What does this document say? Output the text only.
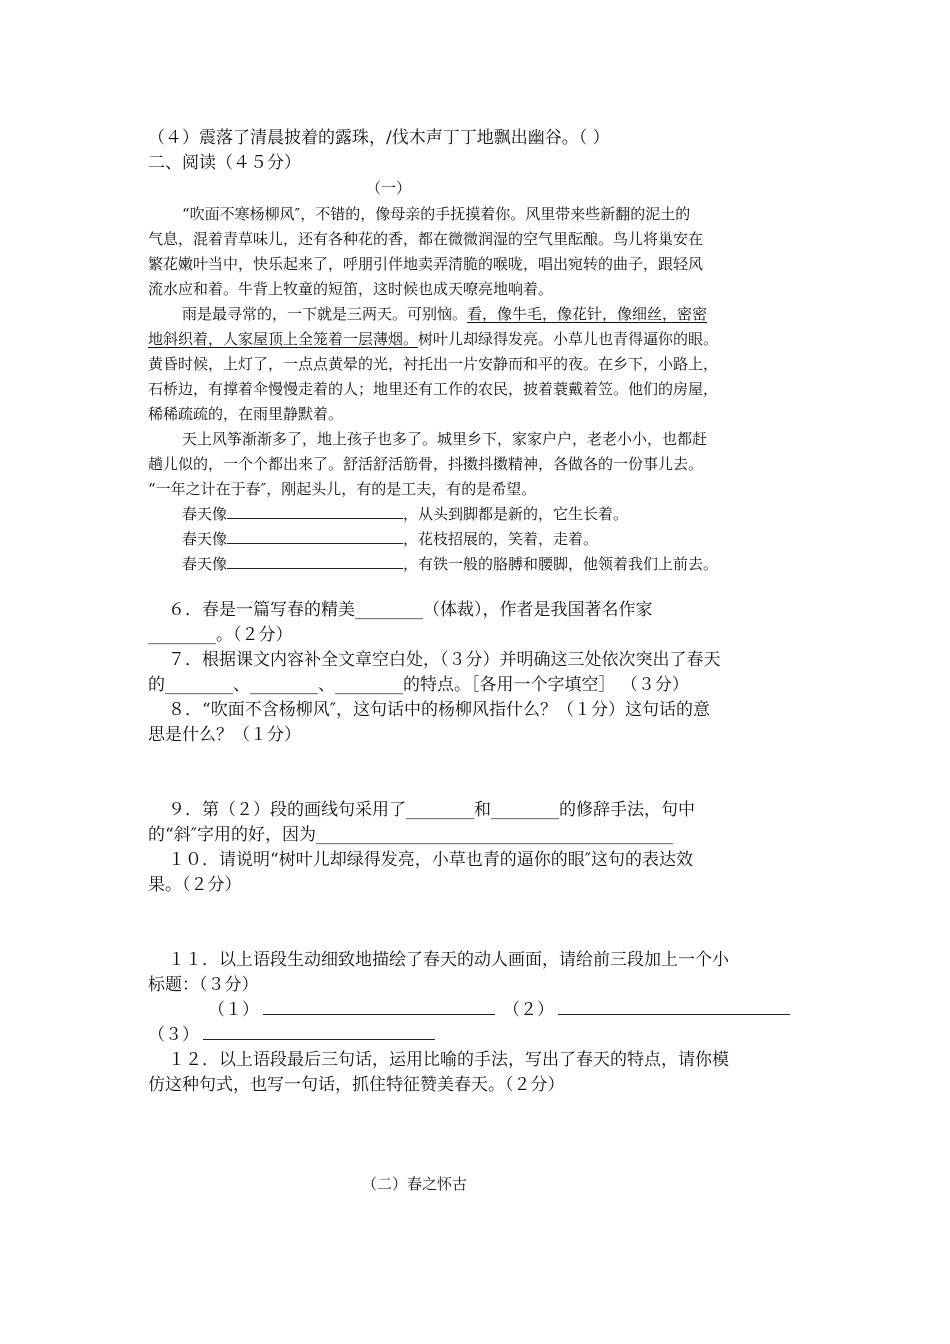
（４）震落了清晨披着的露珠，/伐木声丁丁地飘出幽谷。（ ）
二、阅读（４５分）
（一）
“吹面不寒杨柳风″，不错的，像母亲的手抚摸着你。风里带来些新翻的泥土的
气息，混着青草味儿，还有各种花的香，都在微微润湿的空气里酝酿。鸟儿将巢安在
繁花嫩叶当中，快乐起来了，呼朋引伴地卖弄清脆的喉咙，唱出宛转的曲子，跟轻风
流水应和着。牛背上牧童的短笛，这时候也成天嘹亮地响着。
雨是最寻常的，一下就是三两天。可别恼。看，像牛毛，像花针，像细丝，密密
地斜织着，人家屋顶上全笼着一层薄烟。树叶儿却绿得发亮。小草儿也青得逼你的眼。
黄昏时候，上灯了，一点点黄晕的光，衬托出一片安静而和平的夜。在乡下，小路上，
石桥边，有撑着伞慢慢走着的人；地里还有工作的农民，披着蓑戴着笠。他们的房屋，
稀稀疏疏的，在雨里静默着。
天上风筝渐渐多了，地上孩子也多了。城里乡下，家家户户，老老小小，也都赶
趟儿似的，一个个都出来了。舒活舒活筋骨，抖擞抖擞精神，各做各的一份事儿去。
“一年之计在于春″，刚起头儿，有的是工夫，有的是希望。
春天像	，从头到脚都是新的，它生长着。
春天像	，花枝招展的，笑着，走着。
春天像	，有铁一般的胳膊和腰脚，他领着我们上前去。
６．春是一篇写春的精美________（体裁），作者是我国著名作家
________。（２分）
７．根据课文内容补全文章空白处，（３分）并明确这三处依次突出了春天
的________、________、________的特点。［各用一个字填空］ （３分）
８．“吹面不含杨柳风″，这句话中的杨柳风指什么？（１分）这句话的意
思是什么？（１分）
９．第（２）段的画线句采用了________和________的修辞手法，句中
的“斜″字用的好，因为__________________________________________
１０．请说明“树叶儿却绿得发亮，小草也青的逼你的眼″这句的表达效
果。（２分）
１１．以上语段生动细致地描绘了春天的动人画面，请给前三段加上一个小
标题：（３分）
（１）	（２）
（３）
１２．以上语段最后三句话，运用比喻的手法，写出了春天的特点，请你模
仿这种句式，也写一句话，抓住特征赞美春天。（２分）
（二）春之怀古
